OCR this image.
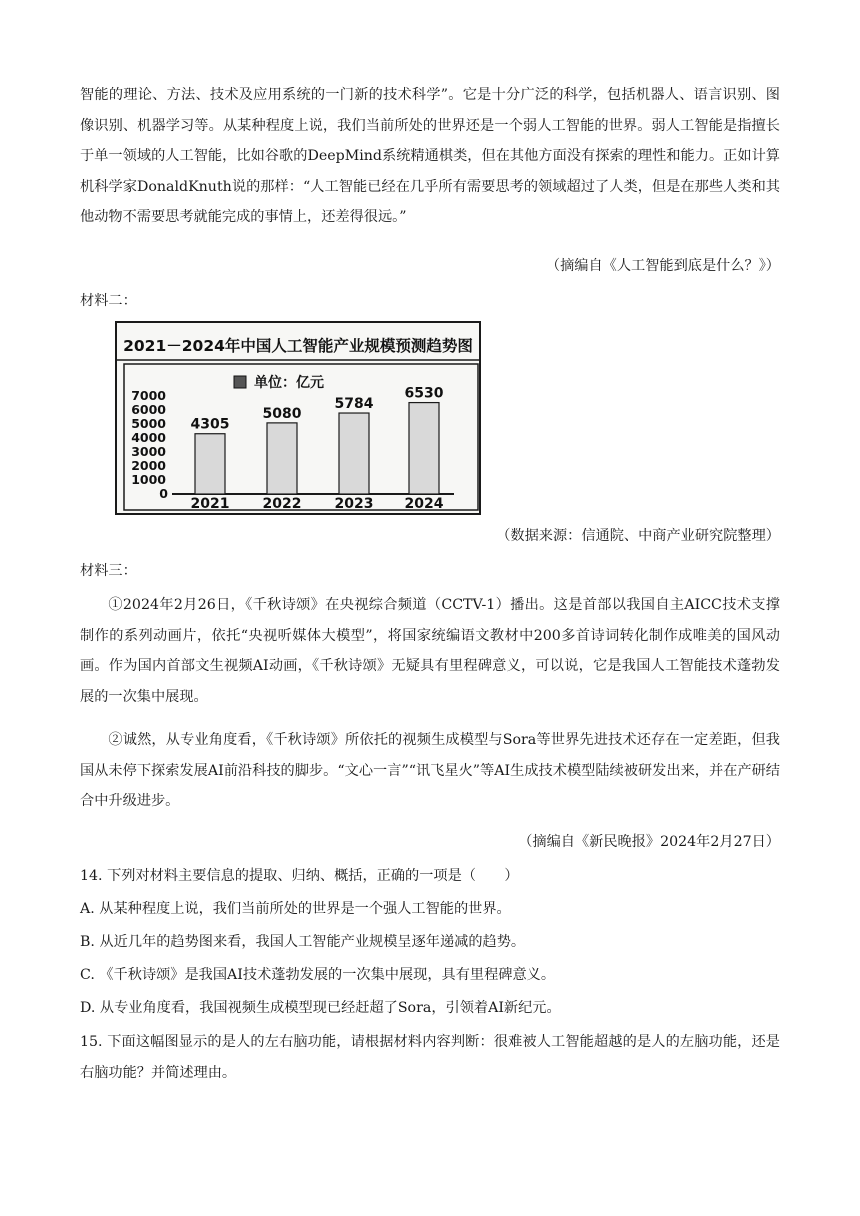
智能的理论、方法、技术及应用系统的一门新的技术科学”。它是十分广泛的科学，包括机器人、语言识别、图像识别、机器学习等。从某种程度上说，我们当前所处的世界还是一个弱人工智能的世界。弱人工智能是指擅长于单一领域的人工智能，比如谷歌的DeepMind系统精通棋类，但在其他方面没有探索的理性和能力。正如计算机科学家DonaldKnuth说的那样：“人工智能已经在几乎所有需要思考的领域超过了人类，但是在那些人类和其他动物不需要思考就能完成的事情上，还差得很远。”

（摘编自《人工智能到底是什么？》）
材料二：
2021－2024年中国人工智能产业规模预测趋势图
单位：亿元
0
1000
2000
3000
4000
5000
6000
7000
4305
2021
5080
2022
5784
2023
6530
2024
（数据来源：信通院、中商产业研究院整理）
材料三：

①2024年2月26日，《千秋诗颂》在央视综合频道（CCTV-1）播出。这是首部以我国自主AICC技术支撑制作的系列动画片，依托“央视听媒体大模型”，将国家统编语文教材中200多首诗词转化制作成唯美的国风动画。作为国内首部文生视频AI动画，《千秋诗颂》无疑具有里程碑意义，可以说，它是我国人工智能技术蓬勃发展的一次集中展现。

②诚然，从专业角度看，《千秋诗颂》所依托的视频生成模型与Sora等世界先进技术还存在一定差距，但我国从未停下探索发展AI前沿科技的脚步。“文心一言”“讯飞星火”等AI生成技术模型陆续被研发出来，并在产研结合中升级进步。

（摘编自《新民晚报》2024年2月27日）
14. 下列对材料主要信息的提取、归纳、概括，正确的一项是（　　）
A. 从某种程度上说，我们当前所处的世界是一个强人工智能的世界。
B. 从近几年的趋势图来看，我国人工智能产业规模呈逐年递减的趋势。
C. 《千秋诗颂》是我国AI技术蓬勃发展的一次集中展现，具有里程碑意义。
D. 从专业角度看，我国视频生成模型现已经赶超了Sora，引领着AI新纪元。

15. 下面这幅图显示的是人的左右脑功能，请根据材料内容判断：很难被人工智能超越的是人的左脑功能，还是右脑功能？并简述理由。
